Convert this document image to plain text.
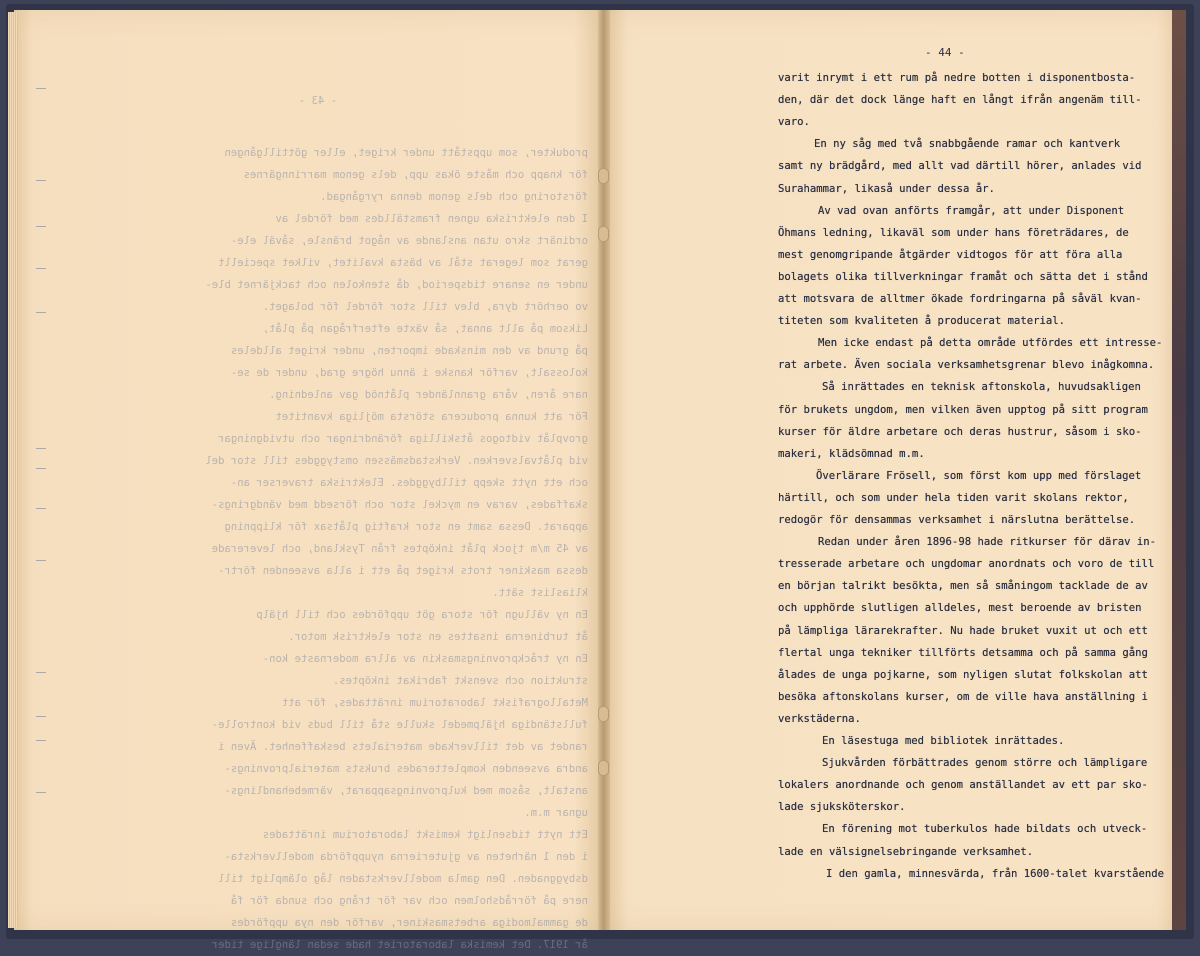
- 43 -

produkter, som uppstått under kriget, eller göttillgången
för knapp och måste ökas upp, dels genom marrinngärnes
förstoring och dels genom denna ryrgångad.
I den elektriska ugnen framställdes med fördel av
ordinärt skro utan anslande av något bränsle, såväl ele-
gerat som legerat stål av bästa kvalitet, vilket speciellt
under en senare tidsperiod, då stenkolen och tackjärnet ble-
vo oerhört dyra, blev till stor fördel för bolaget.
Liksom på allt annat, så växte efterfrågan på plåt,
på grund av den minskade importen, under kriget alldeles
kolossalt, varför kanske i ännu högre grad, under de se-
nare åren, våra grannländer plåtnöd gav anledning.
För att kunna producera största möjliga kvantitet
grovplåt vidtogos åtskilliga förändringar och utvidgningar
vid plåtvalsverken. Verkstadsmässen omstyggdes till stor del
och ett nytt skepp tillbyggdes. Elektriska traverser an-
skaffades, varav en myckel stor och försedd med vändgrings-
apparat. Dessa samt en stor kraftig plåtsax för klippning
av 45 m/m tjock plåt inköptes från Tyskland, och levererade
dessa maskiner trots kriget på ett i alla avseenden förtr-
kliaslist sätt.
En ny vällugn för stora göt uppfördes och till hjälp
åt turbinerna insattes en stor elektrisk motor.
En ny tråckprovningsmaskin av allra modernaste kon-
struktion och svenskt fabrikat inköptes.
Metallografiskt laboratorium inrättades, för att
fullständiga hjälpmedel skulle stå till buds vid kontrolle-
randet av det tillverkade materialets beskaffenhet. Även i
andra avseenden kompletterades bruksts materialprovnings-
anstalt, såsom med kulprovningsapparat, värmebehandlings-
ugnar m.m.
Ett nytt tidsenligt kemiskt laboratorium inrättades
i den 1 närheten av gjuterierna nyuppförda modellverksta-
dsbyggnaden. Den gamla modellverkstaden låg olämpligt till
nere på förrådsholmen och var för trång och sunda för få
de gammalmodiga arbetsmaskiner, varför den nya uppfördes
år 1917. Det kemiska laboratoriet hade sedan länglige tider
- 44 -
varit inrymt i ett rum på nedre botten i disponentbosta-
den, där det dock länge haft en långt ifrån angenäm till-
varo.
En ny såg med två snabbgående ramar och kantverk
samt ny brädgård, med allt vad därtill hörer, anlades vid
Surahammar, likaså under dessa år.
Av vad ovan anförts framgår, att under Disponent
Öhmans ledning, likaväl som under hans företrädares, de
mest genomgripande åtgärder vidtogos för att föra alla
bolagets olika tillverkningar framåt och sätta det i stånd
att motsvara de alltmer ökade fordringarna på såväl kvan-
titeten som kvaliteten å producerat material.
Men icke endast på detta område utfördes ett intresse-
rat arbete. Även sociala verksamhetsgrenar blevo inågkomna.
Så inrättades en teknisk aftonskola, huvudsakligen
för brukets ungdom, men vilken även upptog på sitt program
kurser för äldre arbetare och deras hustrur, såsom i sko-
makeri, klädsömnad m.m.
Överlärare Frösell, som först kom upp med förslaget
härtill, och som under hela tiden varit skolans rektor,
redogör för densammas verksamhet i närslutna berättelse.
Redan under åren 1896-98 hade ritkurser för därav in-
tresserade arbetare och ungdomar anordnats och voro de till
en början talrikt besökta, men så småningom tacklade de av
och upphörde slutligen alldeles, mest beroende av bristen
på lämpliga lärarekrafter. Nu hade bruket vuxit ut och ett
flertal unga tekniker tillförts detsamma och på samma gång
ålades de unga pojkarne, som nyligen slutat folkskolan att
besöka aftonskolans kurser, om de ville hava anställning i
verkstäderna.
En läsestuga med bibliotek inrättades.
Sjukvården förbättrades genom större och lämpligare
lokalers anordnande och genom anställandet av ett par sko-
lade sjuksköterskor.
En förening mot tuberkulos hade bildats och utveck-
lade en välsignelsebringande verksamhet.
I den gamla, minnesvärda, från 1600-talet kvarstående
